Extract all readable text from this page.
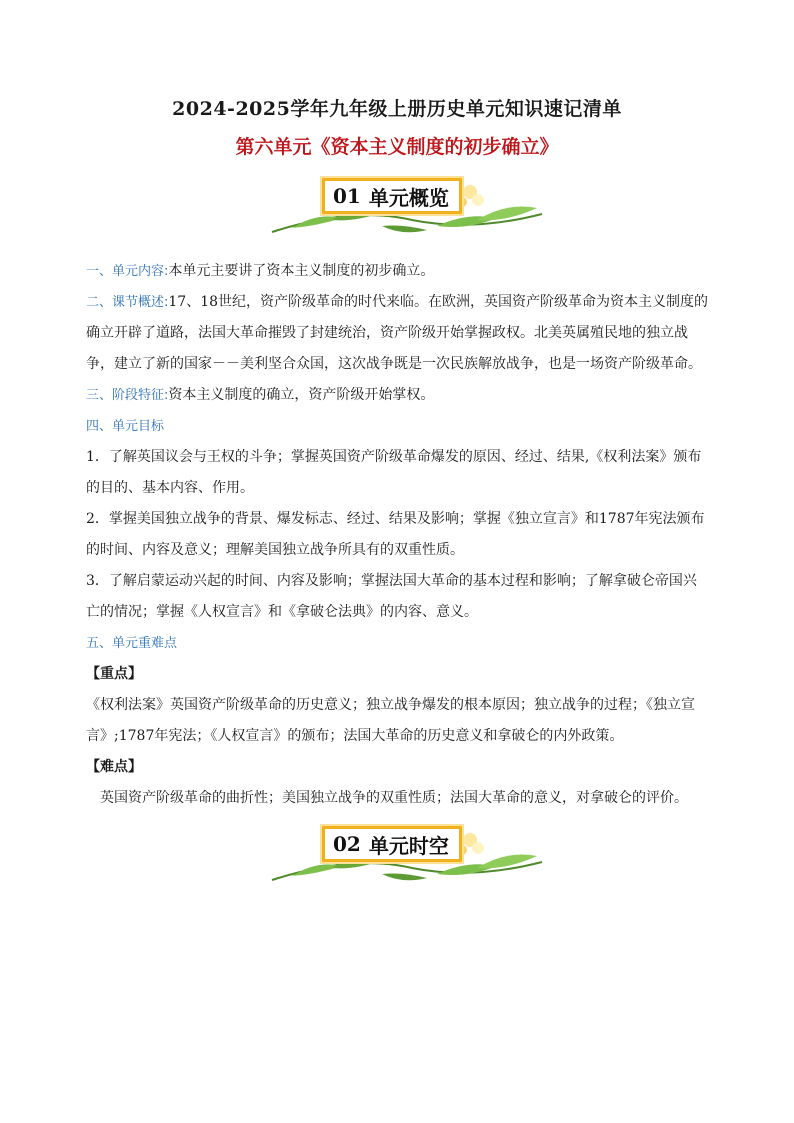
2024-2025学年九年级上册历史单元知识速记清单
第六单元《资本主义制度的初步确立》
01 单元概览

一、单元内容:本单元主要讲了资本主义制度的初步确立。

二、课节概述:17、18世纪，资产阶级革命的时代来临。在欧洲，英国资产阶级革命为资本主义制度的确立开辟了道路，法国大革命摧毁了封建统治，资产阶级开始掌握政权。北美英属殖民地的独立战争，建立了新的国家－－美利坚合众国，这次战争既是一次民族解放战争，也是一场资产阶级革命。

三、阶段特征:资本主义制度的确立，资产阶级开始掌权。

四、单元目标

1．了解英国议会与王权的斗争；掌握英国资产阶级革命爆发的原因、经过、结果,《权利法案》颁布的目的、基本内容、作用。

2．掌握美国独立战争的背景、爆发标志、经过、结果及影响；掌握《独立宣言》和1787年宪法颁布的时间、内容及意义；理解美国独立战争所具有的双重性质。

3．了解启蒙运动兴起的时间、内容及影响；掌握法国大革命的基本过程和影响；了解拿破仑帝国兴亡的情况；掌握《人权宣言》和《拿破仑法典》的内容、意义。

五、单元重难点

【重点】

《权利法案》英国资产阶级革命的历史意义；独立战争爆发的根本原因；独立战争的过程；《独立宣言》;1787年宪法；《人权宣言》的颁布；法国大革命的历史意义和拿破仑的内外政策。

【难点】

英国资产阶级革命的曲折性；美国独立战争的双重性质；法国大革命的意义，对拿破仑的评价。

02 单元时空
